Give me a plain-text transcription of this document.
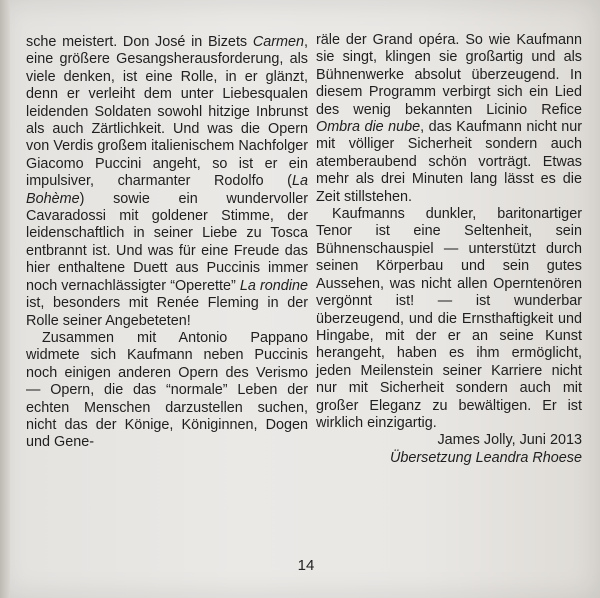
sche meistert. Don José in Bizets Carmen, eine größere Gesangsherausforderung, als viele denken, ist eine Rolle, in er glänzt, denn er verleiht dem unter Liebesqualen leidenden Soldaten sowohl hitzige Inbrunst als auch Zärtlichkeit. Und was die Opern von Verdis großem italienischem Nachfolger Giacomo Puccini angeht, so ist er ein impulsiver, charmanter Rodolfo (La Bohème) sowie ein wundervoller Cavaradossi mit goldener Stimme, der leidenschaftlich in seiner Liebe zu Tosca entbrannt ist. Und was für eine Freude das hier enthaltene Duett aus Puccinis immer noch vernachlässigter “Operette” La rondine ist, besonders mit Renée Fleming in der Rolle seiner Angebeteten!

Zusammen mit Antonio Pappano widmete sich Kaufmann neben Puccinis noch einigen anderen Opern des Verismo — Opern, die das “normale” Leben der echten Menschen darzustellen suchen, nicht das der Könige, Königinnen, Dogen und Gene-

räle der Grand opéra. So wie Kaufmann sie singt, klingen sie großartig und als Bühnenwerke absolut überzeugend. In diesem Programm verbirgt sich ein Lied des wenig bekannten Licinio Refice Ombra die nube, das Kaufmann nicht nur mit völliger Sicherheit sondern auch atemberaubend schön vorträgt. Etwas mehr als drei Minuten lang lässt es die Zeit stillstehen.

Kaufmanns dunkler, baritonartiger Tenor ist eine Seltenheit, sein Bühnenschauspiel — unterstützt durch seinen Körperbau und sein gutes Aussehen, was nicht allen Operntenören vergönnt ist! — ist wunderbar überzeugend, und die Ernsthaftigkeit und Hingabe, mit der er an seine Kunst herangeht, haben es ihm ermöglicht, jeden Meilenstein seiner Karriere nicht nur mit Sicherheit sondern auch mit großer Eleganz zu bewältigen. Er ist wirklich einzigartig.

James Jolly, Juni 2013

Übersetzung Leandra Rhoese

14
